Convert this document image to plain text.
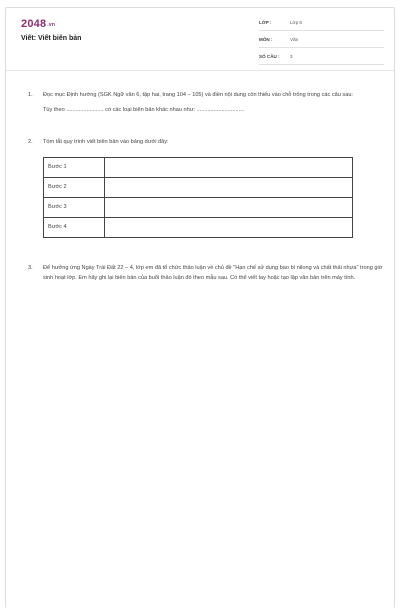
2048.vn
Viết: Viết biên bản
LỚP :	Lớp 6
MÔN :	Văn
SỐ CÂU : 3
1. Đọc mục Định hướng (SGK Ngữ văn 6, tập hai, trang 104 – 105) và điền nội dung còn thiếu vào chỗ trống trong các câu sau:
Tùy theo ........................ có các loại biên bản khác nhau như: ...............................
2. Tóm tắt quy trình viết biên bản vào bảng dưới đây:
Bước 1	
Bước 2	
Bước 3	
Bước 4	
3. Để hưởng ứng Ngày Trái Đất 22 – 4, lớp em đã tổ chức thảo luận về chủ đề "Hạn chế sử dụng bao bì nilong và chất thải nhựa" trong giờ sinh hoạt lớp. Em hãy ghi lại biên bản của buổi thảo luận đó theo mẫu sau. Có thể viết tay hoặc tạo lập văn bản trên máy tính.
